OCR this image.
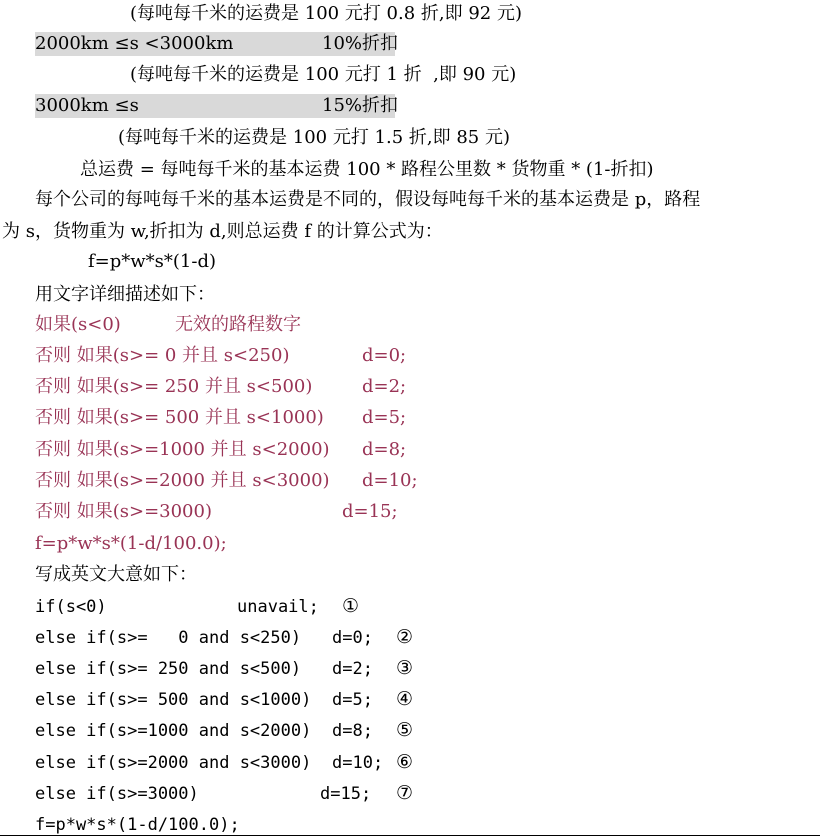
(每吨每千米的运费是 100 元打 0.8 折,即 92 元)
2000km ≤s <3000km	10%折扣
(每吨每千米的运费是 100 元打 1 折  ,即 90 元)
3000km ≤s	15%折扣
(每吨每千米的运费是 100 元打 1.5 折,即 85 元)
总运费 = 每吨每千米的基本运费 100 * 路程公里数 * 货物重 * (1-折扣)
每个公司的每吨每千米的基本运费是不同的，假设每吨每千米的基本运费是 p，路程
为 s，货物重为 w,折扣为 d,则总运费 f 的计算公式为：
f=p*w*s*(1-d)
用文字详细描述如下：
如果(s<0)	无效的路程数字
否则 如果(s>= 0 并且 s<250)	d=0;
否则 如果(s>= 250 并且 s<500)	d=2;
否则 如果(s>= 500 并且 s<1000) d=5;
否则 如果(s>=1000 并且 s<2000) d=8;
否则 如果(s>=2000 并且 s<3000) d=10;
否则 如果(s>=3000)	d=15;
f=p*w*s*(1-d/100.0);
写成英文大意如下：
if(s<0)	unavail; ①
else if(s>=   0 and s<250) d=0; ②
else if(s>= 250 and s<500) d=2; ③
else if(s>= 500 and s<1000) d=5; ④
else if(s>=1000 and s<2000) d=8; ⑤
else if(s>=2000 and s<3000) d=10; ⑥
else if(s>=3000)	d=15; ⑦
f=p*w*s*(1-d/100.0);
